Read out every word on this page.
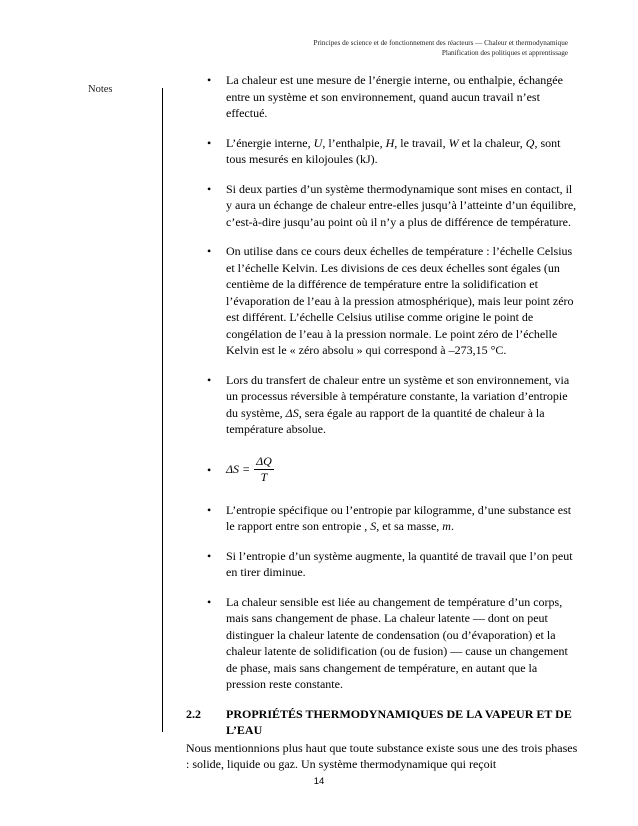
Principes de science et de fonctionnement des réacteurs — Chaleur et thermodynamique
Planification des politiques et apprentissage
Notes
• La chaleur est une mesure de l’énergie interne, ou enthalpie, échangée entre un système et son environnement, quand aucun travail n’est effectué.
• L’énergie interne, U, l’enthalpie, H, le travail, W et la chaleur, Q, sont tous mesurés en kilojoules (kJ).
• Si deux parties d’un système thermodynamique sont mises en contact, il y aura un échange de chaleur entre-elles jusqu’à l’atteinte d’un équilibre, c’est-à-dire jusqu’au point où il n’y a plus de différence de température.
• On utilise dans ce cours deux échelles de température : l’échelle Celsius et l’échelle Kelvin. Les divisions de ces deux échelles sont égales (un centième de la différence de température entre la solidification et l’évaporation de l’eau à la pression atmosphérique), mais leur point zéro est différent. L’échelle Celsius utilise comme origine le point de congélation de l’eau à la pression normale. Le point zéro de l’échelle Kelvin est le « zéro absolu » qui correspond à –273,15 °C.
• Lors du transfert de chaleur entre un système et son environnement, via un processus réversible à température constante, la variation d’entropie du système, ΔS, sera égale au rapport de la quantité de chaleur à la température absolue.
• $\Delta S = \frac{\Delta Q}{T}$
• L’entropie spécifique ou l’entropie par kilogramme, d’une substance est le rapport entre son entropie , S, et sa masse, m.
• Si l’entropie d’un système augmente, la quantité de travail que l’on peut en tirer diminue.
• La chaleur sensible est liée au changement de température d’un corps, mais sans changement de phase. La chaleur latente — dont on peut distinguer la chaleur latente de condensation (ou d’évaporation) et la chaleur latente de solidification (ou de fusion) — cause un changement de phase, mais sans changement de température, en autant que la pression reste constante.
2.2	PROPRIÉTÉS THERMODYNAMIQUES DE LA VAPEUR ET DE L’EAU
Nous mentionnions plus haut que toute substance existe sous une des trois phases : solide, liquide ou gaz. Un système thermodynamique qui reçoit
14
